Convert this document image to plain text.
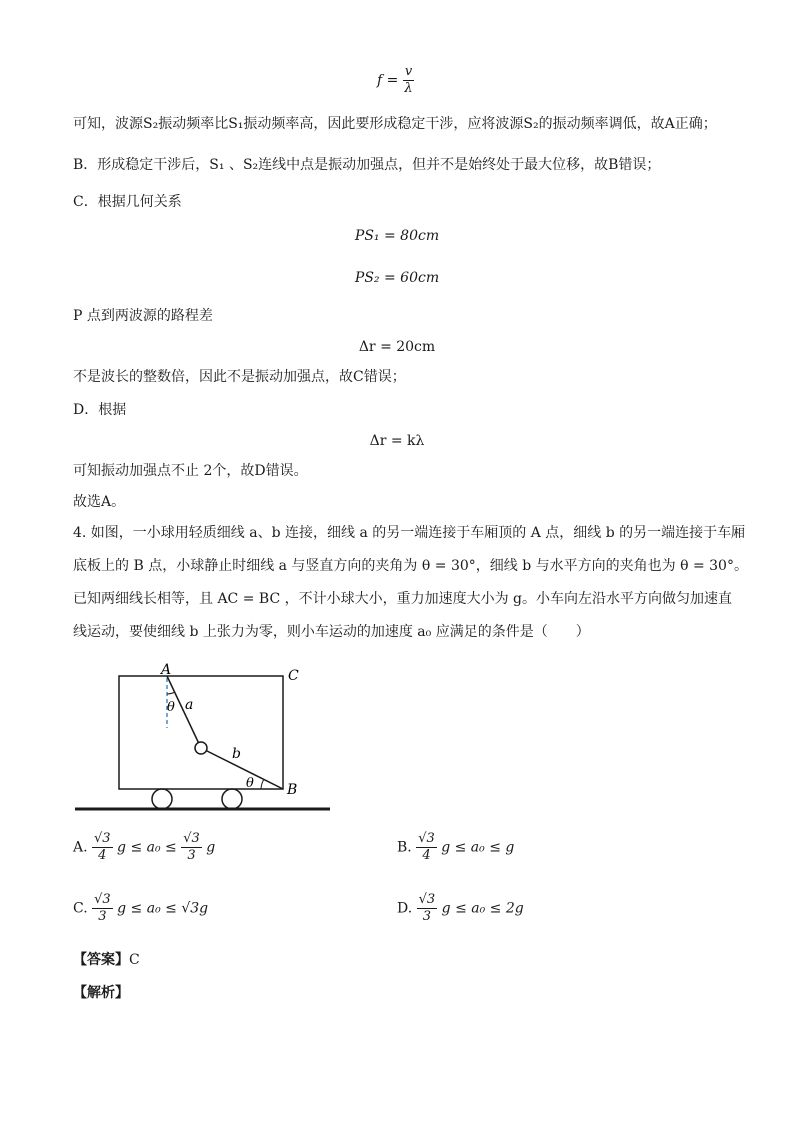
$f = \frac{v}{\lambda}$
可知，波源S₂振动频率比S₁振动频率高，因此要形成稳定干涉，应将波源S₂的振动频率调低，故A正确；
B．形成稳定干涉后，S₁ 、S₂连线中点是振动加强点，但并不是始终处于最大位移，故B错误；
C．根据几何关系
PS₁ = 80cm
PS₂ = 60cm
P 点到两波源的路程差
Δr = 20cm
不是波长的整数倍，因此不是振动加强点，故C错误；
D．根据
Δr = kλ
可知振动加强点不止 2个，故D错误。
故选A。
4. 如图，一小球用轻质细线 a、b 连接，细线 a 的另一端连接于车厢顶的 A 点，细线 b 的另一端连接于车厢
底板上的 B 点，小球静止时细线 a 与竖直方向的夹角为 θ = 30°，细线 b 与水平方向的夹角也为 θ = 30°。
已知两细线长相等，且 AC = BC ，不计小球大小，重力加速度大小为 g。小车向左沿水平方向做匀加速直
线运动，要使细线 b 上张力为零，则小车运动的加速度 a₀ 应满足的条件是（　　）
A	C
B
a
b
θ
θ
A. $\frac{√3}{4}$ $g \le a_0 \le \frac{√3}{3}$ g	B. $\frac{√3}{4}$ g ≤ a₀ ≤ g
C. $\frac{√3}{3}$ g ≤ a₀ ≤ √3g	D. $\frac{√3}{3}$ g ≤ a₀ ≤ 2g
【答案】C
【解析】
